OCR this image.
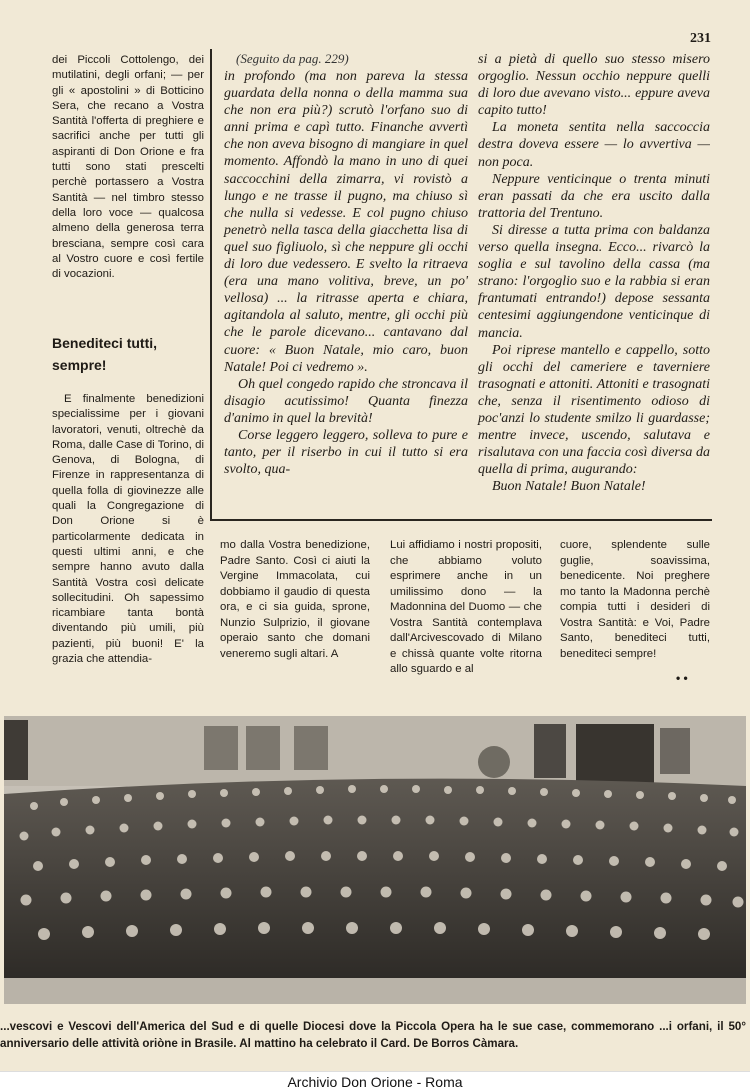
231

dei Piccoli Cottolengo, dei mutilatini, degli orfani; — per gli « apostolini » di Botticino Sera, che recano a Vostra Santità l'offerta di preghiere e sacrifici anche per tutti gli aspiranti di Don Orione e fra tutti sono stati prescelti perchè portassero a Vostra Santità — nel timbro stesso della loro voce — qualcosa almeno della generosa terra bresciana, sempre così cara al Vostro cuore e così fertile di vocazioni.

Benediteci tutti, sempre!

E finalmente benedizioni specialissime per i giovani lavoratori, venuti, oltrechè da Roma, dalle Case di Torino, di Genova, di Bologna, di Firenze in rappresentanza di quella folla di giovinezze alle quali la Congregazione di Don Orione si è particolarmente dedicata in questi ultimi anni, e che sempre hanno avuto dalla Santità Vostra così delicate sollecitudini. Oh sapessimo ricambiare tanta bontà diventando più umili, più pazienti, più buoni! E' la grazia che attendia-

(Seguito da pag. 229)

in profondo (ma non pareva la stessa guardata della nonna o della mamma sua che non era più?) scrutò l'orfano suo di anni prima e capì tutto. Finanche avvertì che non aveva bisogno di mangiare in quel momento. Affondò la mano in uno di quei saccocchini della zimarra, vi rovistò a lungo e ne trasse il pugno, ma chiuso sì che nulla si vedesse. E col pugno chiuso penetrò nella tasca della giacchetta lisa di quel suo figliuolo, sì che neppure gli occhi di loro due vedessero. E svelto la ritraeva (era una mano volitiva, breve, un po' vellosa) ... la ritrasse aperta e chiara, agitandola al saluto, mentre, gli occhi più che le parole dicevano... cantavano dal cuore: « Buon Natale, mio caro, buon Natale! Poi ci vedremo ».

Oh quel congedo rapido che stroncava il disagio acutissimo! Quanta finezza d'animo in quel la brevità!

Corse leggero leggero, solleva to pure e tanto, per il riserbo in cui il tutto si era svolto, qua-

si a pietà di quello suo stesso misero orgoglio. Nessun occhio neppure quelli di loro due avevano visto... eppure aveva capito tutto!

La moneta sentita nella saccoccia destra doveva essere — lo avvertiva — non poca.

Neppure venticinque o trenta minuti eran passati da che era uscito dalla trattoria del Trentuno.

Si diresse a tutta prima con baldanza verso quella insegna. Ecco... rivarcò la soglia e sul tavolino della cassa (ma strano: l'orgoglio suo e la rabbia si eran frantumati entrando!) depose sessanta centesimi aggiungendone venticinque di mancia.

Poi riprese mantello e cappello, sotto gli occhi del cameriere e taverniere trasognati e attoniti. Attoniti e trasognati che, senza il risentimento odioso di poc'anzi lo studente smilzo li guardasse; mentre invece, uscendo, salutava e risalutava con una faccia così diversa da quella di prima, augurando:

Buon Natale! Buon Natale!

mo dalla Vostra benedizione, Padre Santo. Così ci aiuti la Vergine Immacolata, cui dobbiamo il gaudio di questa ora, e ci sia guida, sprone, Nunzio Sulprizio, il giovane operaio santo che domani veneremo sugli altari. A

Lui affidiamo i nostri propositi, che abbiamo voluto esprimere anche in un umilissimo dono — la Madonnina del Duomo — che Vostra Santità contemplava dall'Arcivescovado di Milano e chissà quante volte ritorna allo sguardo e al

cuore, splendente sulle guglie, soavissima, benedicente. Noi preghere mo tanto la Madonna perchè compia tutti i desideri di Vostra Santità: e Voi, Padre Santo, benediteci tutti, benediteci sempre!

• •

...vescovi e Vescovi dell'America del Sud e di quelle Diocesi dove la Piccola Opera ha le sue case, commemorano ...i orfani, il 50° anniversario delle attività oriòne in Brasile. Al mattino ha celebrato il Card. De Borros Càmara.

Archivio Don Orione - Roma
